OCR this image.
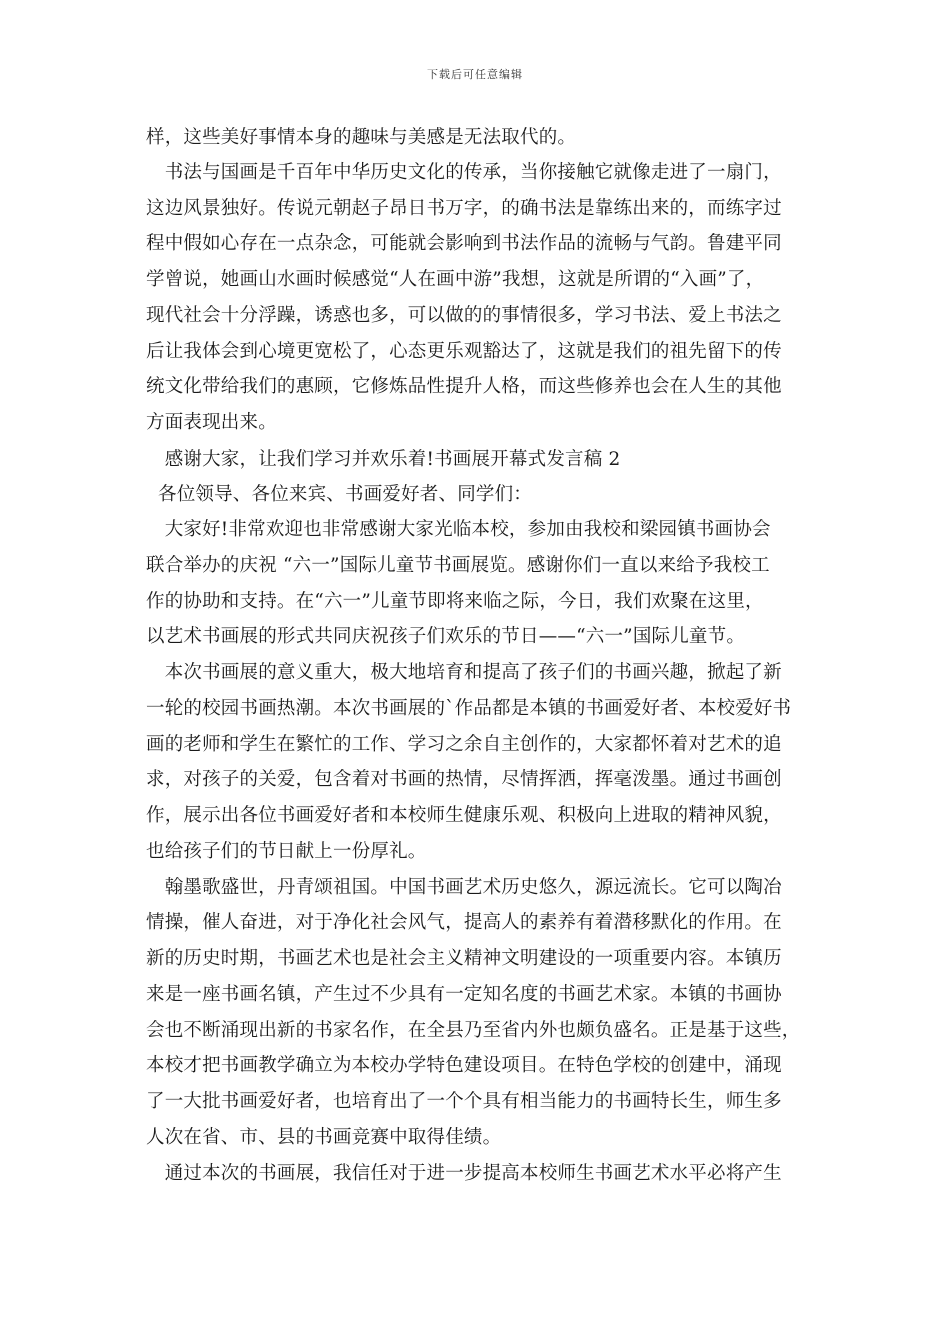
下载后可任意编辑
样，这些美好事情本身的趣味与美感是无法取代的。
　书法与国画是千百年中华历史文化的传承，当你接触它就像走进了一扇门，
这边风景独好。传说元朝赵子昂日书万字，的确书法是靠练出来的，而练字过
程中假如心存在一点杂念，可能就会影响到书法作品的流畅与气韵。鲁建平同
学曾说，她画山水画时候感觉“人在画中游”我想，这就是所谓的“入画”了，
现代社会十分浮躁，诱惑也多，可以做的的事情很多，学习书法、爱上书法之
后让我体会到心境更宽松了，心态更乐观豁达了，这就是我们的祖先留下的传
统文化带给我们的惠顾，它修炼品性提升人格，而这些修养也会在人生的其他
方面表现出来。
　感谢大家，让我们学习并欢乐着!书画展开幕式发言稿 2
各位领导、各位来宾、书画爱好者、同学们：
　大家好!非常欢迎也非常感谢大家光临本校，参加由我校和梁园镇书画协会
联合举办的庆祝 “六一”国际儿童节书画展览。感谢你们一直以来给予我校工
作的协助和支持。在“六一”儿童节即将来临之际，今日，我们欢聚在这里，
以艺术书画展的形式共同庆祝孩子们欢乐的节日——“六一”国际儿童节。
　本次书画展的意义重大，极大地培育和提高了孩子们的书画兴趣，掀起了新
一轮的校园书画热潮。本次书画展的`作品都是本镇的书画爱好者、本校爱好书
画的老师和学生在繁忙的工作、学习之余自主创作的，大家都怀着对艺术的追
求，对孩子的关爱，包含着对书画的热情，尽情挥洒，挥毫泼墨。通过书画创
作，展示出各位书画爱好者和本校师生健康乐观、积极向上进取的精神风貌，
也给孩子们的节日献上一份厚礼。
　翰墨歌盛世，丹青颂祖国。中国书画艺术历史悠久，源远流长。它可以陶冶
情操，催人奋进，对于净化社会风气，提高人的素养有着潜移默化的作用。在
新的历史时期，书画艺术也是社会主义精神文明建设的一项重要内容。本镇历
来是一座书画名镇，产生过不少具有一定知名度的书画艺术家。本镇的书画协
会也不断涌现出新的书家名作，在全县乃至省内外也颇负盛名。正是基于这些，
本校才把书画教学确立为本校办学特色建设项目。在特色学校的创建中，涌现
了一大批书画爱好者，也培育出了一个个具有相当能力的书画特长生，师生多
人次在省、市、县的书画竞赛中取得佳绩。
　通过本次的书画展，我信任对于进一步提高本校师生书画艺术水平必将产生
